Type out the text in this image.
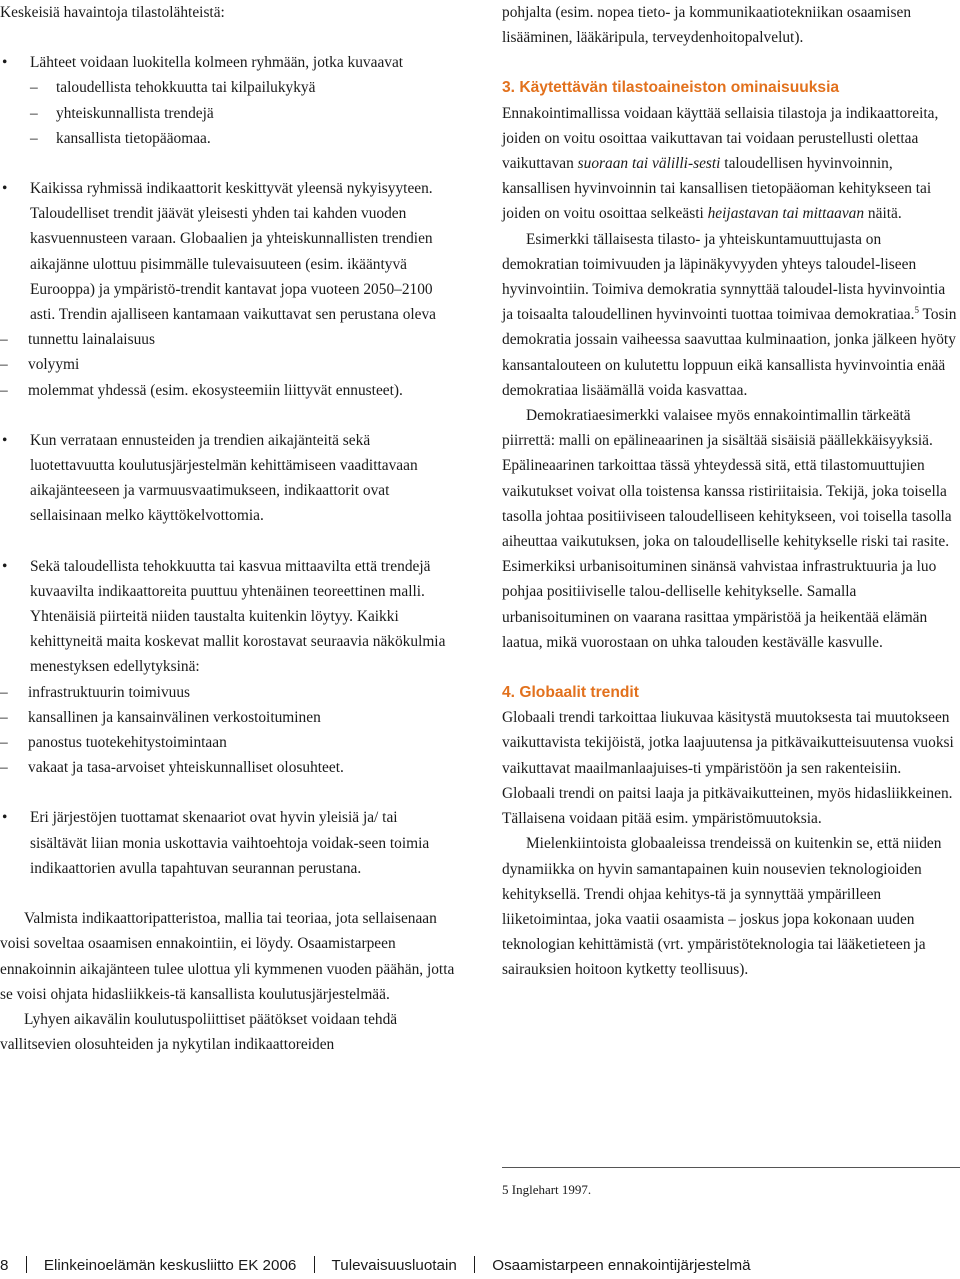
Keskeisiä havaintoja tilastolähteistä:

• Lähteet voidaan luokitella kolmeen ryhmään, jotka kuvaavat
– taloudellista tehokkuutta tai kilpailukykyä
– yhteiskunnallista trendejä
– kansallista tietopääomaa.
• Kaikissa ryhmissä indikaattorit keskittyvät yleensä nykyisyyteen. Taloudelliset trendit jäävät yleisesti yhden tai kahden vuoden kasvuennusteen varaan. Globaalien ja yhteiskunnallisten trendien aikajänne ulottuu pisimmälle tulevaisuuteen (esim. ikääntyvä Eurooppa) ja ympäristö-trendit kantavat jopa vuoteen 2050–2100 asti. Trendin ajalliseen kantamaan vaikuttavat sen perustana oleva
– tunnettu lainalaisuus
– volyymi
– molemmat yhdessä (esim. ekosysteemiin liittyvät ennusteet).
• Kun verrataan ennusteiden ja trendien aikajänteitä sekä luotettavuutta koulutusjärjestelmän kehittämiseen vaadittavaan aikajänteeseen ja varmuusvaatimukseen, indikaattorit ovat sellaisinaan melko käyttökelvottomia.
• Sekä taloudellista tehokkuutta tai kasvua mittaavilta että trendejä kuvaavilta indikaattoreita puuttuu yhtenäinen teoreettinen malli. Yhtenäisiä piirteitä niiden taustalta kuitenkin löytyy. Kaikki kehittyneitä maita koskevat mallit korostavat seuraavia näkökulmia menestyksen edellytyksinä:
– infrastruktuurin toimivuus
– kansallinen ja kansainvälinen verkostoituminen
– panostus tuotekehitystoimintaan
– vakaat ja tasa-arvoiset yhteiskunnalliset olosuhteet.
• Eri järjestöjen tuottamat skenaariot ovat hyvin yleisiä ja/ tai sisältävät liian monia uskottavia vaihtoehtoja voidak-seen toimia indikaattorien avulla tapahtuvan seurannan perustana.

Valmista indikaattoripatteristoa, mallia tai teoriaa, jota sellaisenaan voisi soveltaa osaamisen ennakointiin, ei löydy. Osaamistarpeen ennakoinnin aikajänteen tulee ulottua yli kymmenen vuoden päähän, jotta se voisi ohjata hidasliikkeis-tä kansallista koulutusjärjestelmää.

Lyhyen aikavälin koulutuspoliittiset päätökset voidaan tehdä vallitsevien olosuhteiden ja nykytilan indikaattoreiden

pohjalta (esim. nopea tieto- ja kommunikaatiotekniikan osaamisen lisääminen, lääkäripula, terveydenhoitopalvelut).

3. Käytettävän tilastoaineiston ominaisuuksia

Ennakointimallissa voidaan käyttää sellaisia tilastoja ja indikaattoreita, joiden on voitu osoittaa vaikuttavan tai voidaan perustellusti olettaa vaikuttavan suoraan tai välilli-sesti taloudellisen hyvinvoinnin, kansallisen hyvinvoinnin tai kansallisen tietopääoman kehitykseen tai joiden on voitu osoittaa selkeästi heijastavan tai mittaavan näitä.

Esimerkki tällaisesta tilasto- ja yhteiskuntamuuttujasta on demokratian toimivuuden ja läpinäkyvyyden yhteys taloudel-liseen hyvinvointiin. Toimiva demokratia synnyttää taloudel-lista hyvinvointia ja toisaalta taloudellinen hyvinvointi tuottaa toimivaa demokratiaa.$^5$ Tosin demokratia jossain vaiheessa saavuttaa kulminaation, jonka jälkeen hyöty kansantalouteen on kulutettu loppuun eikä kansallista hyvinvointia enää demokratiaa lisäämällä voida kasvattaa.

Demokratiaesimerkki valaisee myös ennakointimallin tärkeätä piirrettä: malli on epälineaarinen ja sisältää sisäisiä päällekkäisyyksiä. Epälineaarinen tarkoittaa tässä yhteydessä sitä, että tilastomuuttujien vaikutukset voivat olla toistensa kanssa ristiriitaisia. Tekijä, joka toisella tasolla johtaa positiiviseen taloudelliseen kehitykseen, voi toisella tasolla aiheuttaa vaikutuksen, joka on taloudelliselle kehitykselle riski tai rasite. Esimerkiksi urbanisoituminen sinänsä vahvistaa infrastruktuuria ja luo pohjaa positiiviselle talou-delliselle kehitykselle. Samalla urbanisoituminen on vaarana rasittaa ympäristöä ja heikentää elämän laatua, mikä vuorostaan on uhka talouden kestävälle kasvulle.

4. Globaalit trendit

Globaali trendi tarkoittaa liukuvaa käsitystä muutoksesta tai muutokseen vaikuttavista tekijöistä, jotka laajuutensa ja pitkävaikutteisuutensa vuoksi vaikuttavat maailmanlaajuises-ti ympäristöön ja sen rakenteisiin. Globaali trendi on paitsi laaja ja pitkävaikutteinen, myös hidasliikkeinen. Tällaisena voidaan pitää esim. ympäristömuutoksia.

Mielenkiintoista globaaleissa trendeissä on kuitenkin se, että niiden dynamiikka on hyvin samantapainen kuin nousevien teknologioiden kehityksellä. Trendi ohjaa kehitys-tä ja synnyttää ympärilleen liiketoimintaa, joka vaatii osaamista – joskus jopa kokonaan uuden teknologian kehittämistä (vrt. ympäristöteknologia tai lääketieteen ja sairauksien hoitoon kytketty teollisuus).

5 Inglehart 1997.

8 Elinkeinoelämän keskusliitto EK 2006 Tulevaisuusluotain Osaamistarpeen ennakointijärjestelmä
